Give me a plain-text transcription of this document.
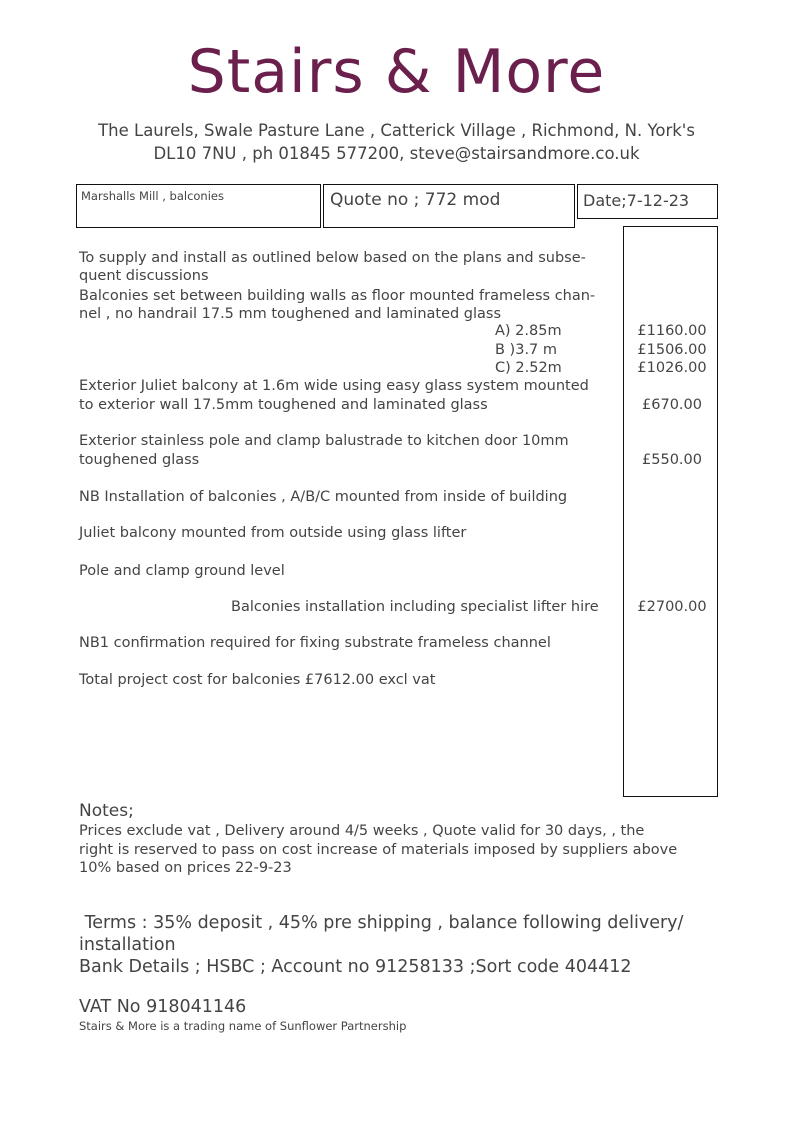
Stairs & More
The Laurels, Swale Pasture Lane , Catterick Village , Richmond, N. York's
DL10 7NU , ph 01845 577200, steve@stairsandmore.co.uk
Marshalls Mill , balconies	Quote no ; 772 mod	Date;7-12-23
To supply and install as outlined below based on the plans and subse-
quent discussions
Balconies set between building walls as floor mounted frameless chan-
nel , no handrail 17.5 mm toughened and laminated glass
A) 2.85m
B )3.7 m
C) 2.52m
Exterior Juliet balcony at 1.6m wide using easy glass system mounted
to exterior wall 17.5mm toughened and laminated glass
Exterior stainless pole and clamp balustrade to kitchen door 10mm
toughened glass
NB Installation of balconies , A/B/C mounted from inside of building
Juliet balcony mounted from outside using glass lifter
Pole and clamp ground level
Balconies installation including specialist lifter hire
NB1 confirmation required for fixing substrate frameless channel
Total project cost for balconies £7612.00 excl vat
£1160.00
£1506.00
£1026.00
£670.00
£550.00
£2700.00
Notes;
Prices exclude vat , Delivery around 4/5 weeks , Quote valid for 30 days, , the
right is reserved to pass on cost increase of materials imposed by suppliers above
10% based on prices 22-9-23
Terms : 35% deposit , 45% pre shipping , balance following delivery/
installation
Bank Details ; HSBC ; Account no 91258133 ;Sort code 404412
VAT No 918041146
Stairs & More is a trading name of Sunflower Partnership
